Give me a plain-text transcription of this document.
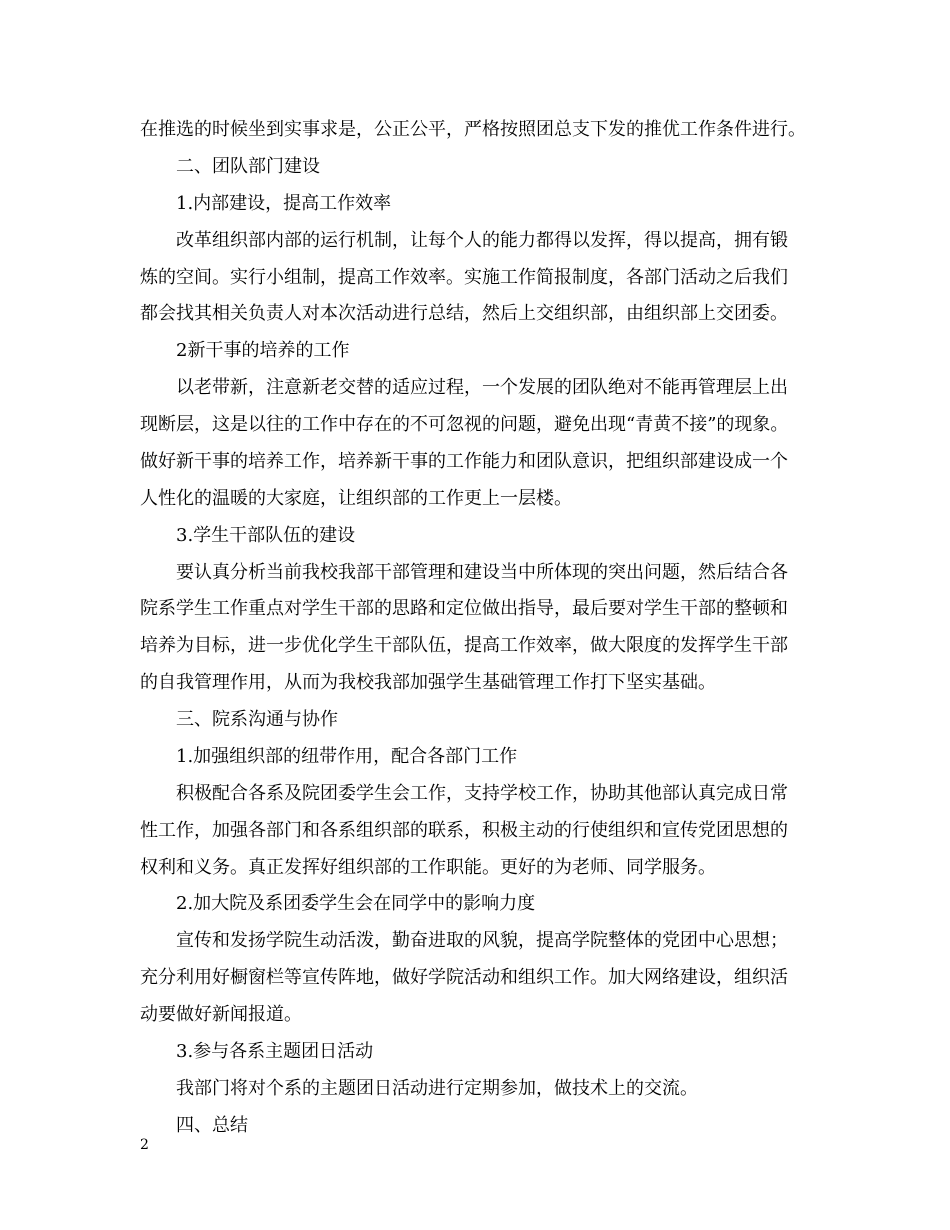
在推选的时候坐到实事求是，公正公平，严格按照团总支下发的推优工作条件进行。
二、团队部门建设
1.内部建设，提高工作效率
改革组织部内部的运行机制，让每个人的能力都得以发挥，得以提高，拥有锻
炼的空间。实行小组制，提高工作效率。实施工作简报制度，各部门活动之后我们
都会找其相关负责人对本次活动进行总结，然后上交组织部，由组织部上交团委。
2新干事的培养的工作
以老带新，注意新老交替的适应过程，一个发展的团队绝对不能再管理层上出
现断层，这是以往的工作中存在的不可忽视的问题，避免出现“青黄不接”的现象。
做好新干事的培养工作，培养新干事的工作能力和团队意识，把组织部建设成一个
人性化的温暖的大家庭，让组织部的工作更上一层楼。
3.学生干部队伍的建设
要认真分析当前我校我部干部管理和建设当中所体现的突出问题，然后结合各
院系学生工作重点对学生干部的思路和定位做出指导，最后要对学生干部的整顿和
培养为目标，进一步优化学生干部队伍，提高工作效率，做大限度的发挥学生干部
的自我管理作用，从而为我校我部加强学生基础管理工作打下坚实基础。
三、院系沟通与协作
1.加强组织部的纽带作用，配合各部门工作
积极配合各系及院团委学生会工作，支持学校工作，协助其他部认真完成日常
性工作，加强各部门和各系组织部的联系，积极主动的行使组织和宣传党团思想的
权利和义务。真正发挥好组织部的工作职能。更好的为老师、同学服务。
2.加大院及系团委学生会在同学中的影响力度
宣传和发扬学院生动活泼，勤奋进取的风貌，提高学院整体的党团中心思想；
充分利用好橱窗栏等宣传阵地，做好学院活动和组织工作。加大网络建设，组织活
动要做好新闻报道。
3.参与各系主题团日活动
我部门将对个系的主题团日活动进行定期参加，做技术上的交流。
四、总结
2
